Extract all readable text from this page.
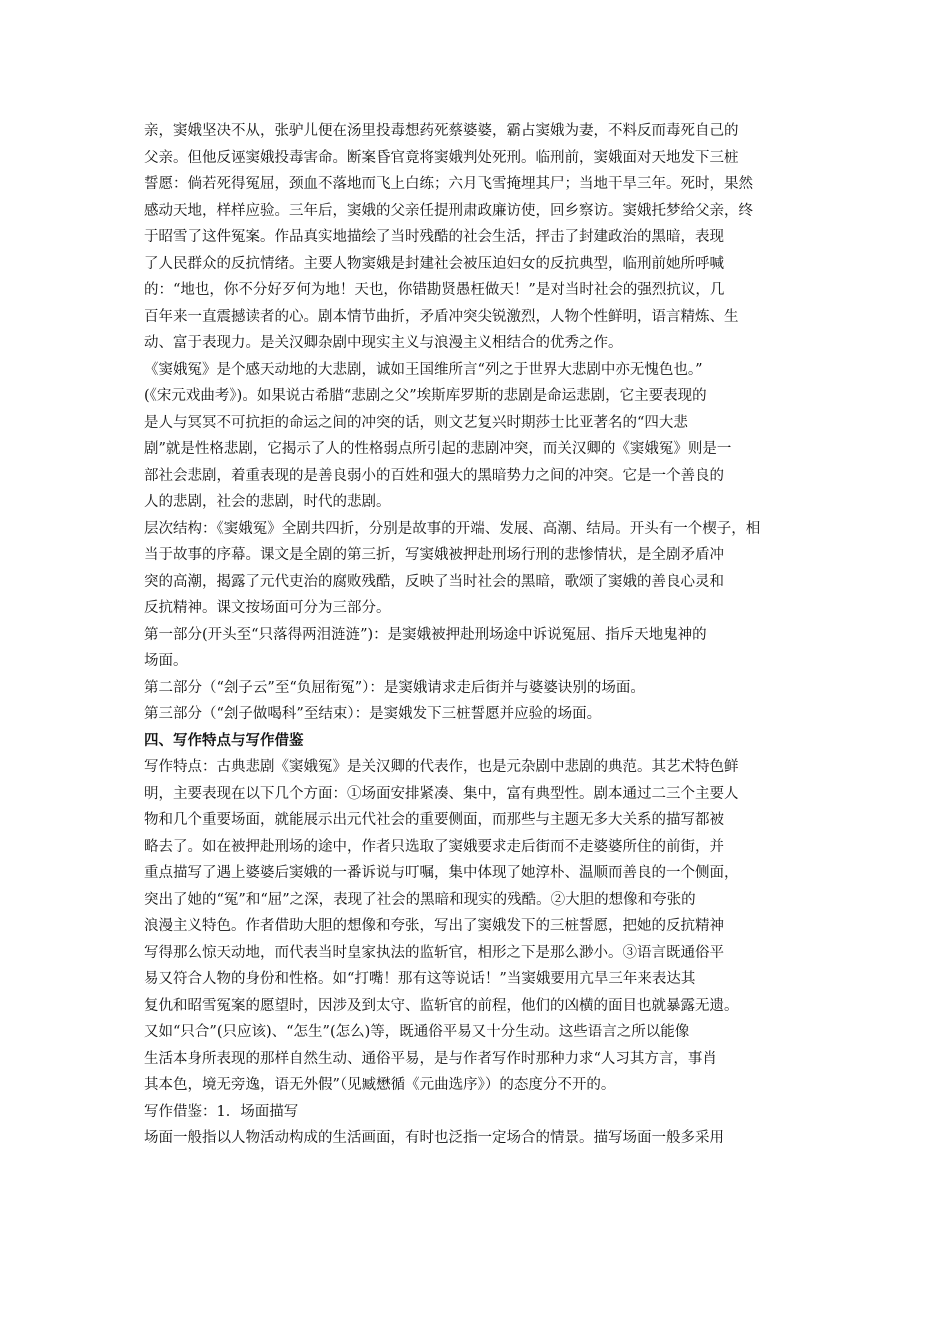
亲，窦娥坚决不从，张驴儿便在汤里投毒想药死蔡婆婆，霸占窦娥为妻，不料反而毒死自己的
父亲。但他反诬窦娥投毒害命。断案昏官竟将窦娥判处死刑。临刑前，窦娥面对天地发下三桩
誓愿：倘若死得冤屈，颈血不落地而飞上白练；六月飞雪掩埋其尸；当地干旱三年。死时，果然
感动天地，样样应验。三年后，窦娥的父亲任提刑肃政廉访使，回乡察访。窦娥托梦给父亲，终
于昭雪了这件冤案。作品真实地描绘了当时残酷的社会生活，抨击了封建政治的黑暗，表现
了人民群众的反抗情绪。主要人物窦娥是封建社会被压迫妇女的反抗典型，临刑前她所呼喊
的：“地也，你不分好歹何为地！天也，你错勘贤愚枉做天！”是对当时社会的强烈抗议，几
百年来一直震撼读者的心。剧本情节曲折，矛盾冲突尖锐激烈，人物个性鲜明，语言精炼、生
动、富于表现力。是关汉卿杂剧中现实主义与浪漫主义相结合的优秀之作。
《窦娥冤》是个感天动地的大悲剧，诚如王国维所言“列之于世界大悲剧中亦无愧色也。”
(《宋元戏曲考》)。如果说古希腊“悲剧之父”埃斯库罗斯的悲剧是命运悲剧，它主要表现的
是人与冥冥不可抗拒的命运之间的冲突的话，则文艺复兴时期莎士比亚著名的“四大悲
剧”就是性格悲剧，它揭示了人的性格弱点所引起的悲剧冲突，而关汉卿的《窦娥冤》则是一
部社会悲剧，着重表现的是善良弱小的百姓和强大的黑暗势力之间的冲突。它是一个善良的
人的悲剧，社会的悲剧，时代的悲剧。
层次结构：《窦娥冤》全剧共四折，分别是故事的开端、发展、高潮、结局。开头有一个楔子，相
当于故事的序幕。课文是全剧的第三折，写窦娥被押赴刑场行刑的悲惨情状，是全剧矛盾冲
突的高潮，揭露了元代吏治的腐败残酷，反映了当时社会的黑暗，歌颂了窦娥的善良心灵和
反抗精神。课文按场面可分为三部分。
第一部分(开头至“只落得两泪涟涟”)：是窦娥被押赴刑场途中诉说冤屈、指斥天地鬼神的
场面。
第二部分（“刽子云”至“负屈衔冤”）：是窦娥请求走后街并与婆婆诀别的场面。
第三部分（“刽子做喝科”至结束）：是窦娥发下三桩誓愿并应验的场面。
四、写作特点与写作借鉴
写作特点：古典悲剧《窦娥冤》是关汉卿的代表作，也是元杂剧中悲剧的典范。其艺术特色鲜
明，主要表现在以下几个方面：①场面安排紧凑、集中，富有典型性。剧本通过二三个主要人
物和几个重要场面，就能展示出元代社会的重要侧面，而那些与主题无多大关系的描写都被
略去了。如在被押赴刑场的途中，作者只选取了窦娥要求走后街而不走婆婆所住的前街，并
重点描写了遇上婆婆后窦娥的一番诉说与叮嘱，集中体现了她淳朴、温顺而善良的一个侧面，
突出了她的“冤”和“屈”之深，表现了社会的黑暗和现实的残酷。②大胆的想像和夸张的
浪漫主义特色。作者借助大胆的想像和夸张，写出了窦娥发下的三桩誓愿，把她的反抗精神
写得那么惊天动地，而代表当时皇家执法的监斩官，相形之下是那么渺小。③语言既通俗平
易又符合人物的身份和性格。如“打嘴！那有这等说话！”当窦娥要用亢旱三年来表达其
复仇和昭雪冤案的愿望时，因涉及到太守、监斩官的前程，他们的凶横的面目也就暴露无遗。
又如“只合”(只应该)、“怎生”(怎么)等，既通俗平易又十分生动。这些语言之所以能像
生活本身所表现的那样自然生动、通俗平易，是与作者写作时那种力求“人习其方言，事肖
其本色，境无旁逸，语无外假”（见臧懋循《元曲选序》）的态度分不开的。
写作借鉴：1．场面描写
场面一般指以人物活动构成的生活画面，有时也泛指一定场合的情景。描写场面一般多采用
